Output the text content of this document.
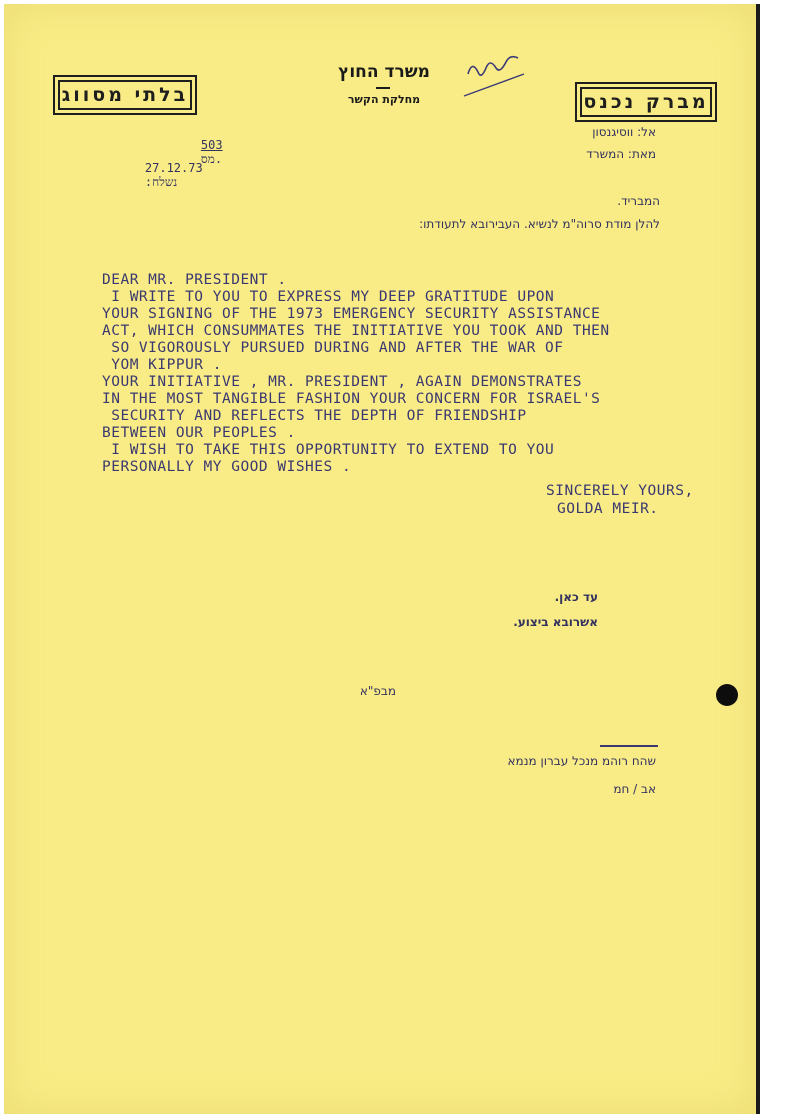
בלתי מסווג	מברק נכנס
משרד החוץ
מחלקת הקשר
לוק

503
מס.

27.12.73
נשלח:

אל: ווסיגנסון
מאת: המשרד
המבריד.
להלן מודת סרוה"מ לנשיא. העבירובא לתעודתו:
DEAR MR. PRESIDENT .
I WRITE TO YOU TO EXPRESS MY DEEP GRATITUDE UPON
YOUR SIGNING OF THE 1973 EMERGENCY SECURITY ASSISTANCE
ACT, WHICH CONSUMMATES THE INITIATIVE YOU TOOK AND THEN
SO VIGOROUSLY PURSUED DURING AND AFTER THE WAR OF
YOM KIPPUR .
YOUR INITIATIVE , MR. PRESIDENT , AGAIN DEMONSTRATES
IN THE MOST TANGIBLE FASHION YOUR CONCERN FOR ISRAEL'S
SECURITY AND REFLECTS THE DEPTH OF FRIENDSHIP
BETWEEN OUR PEOPLES .
I WISH TO TAKE THIS OPPORTUNITY TO EXTEND TO YOU
PERSONALLY MY GOOD WISHES .
SINCERELY YOURS,
GOLDA MEIR.
עד כאן.
אשרובא ביצוע.
מבפ"א
שהח רוהמ מנכל עברון מנמא
אב / חמ
